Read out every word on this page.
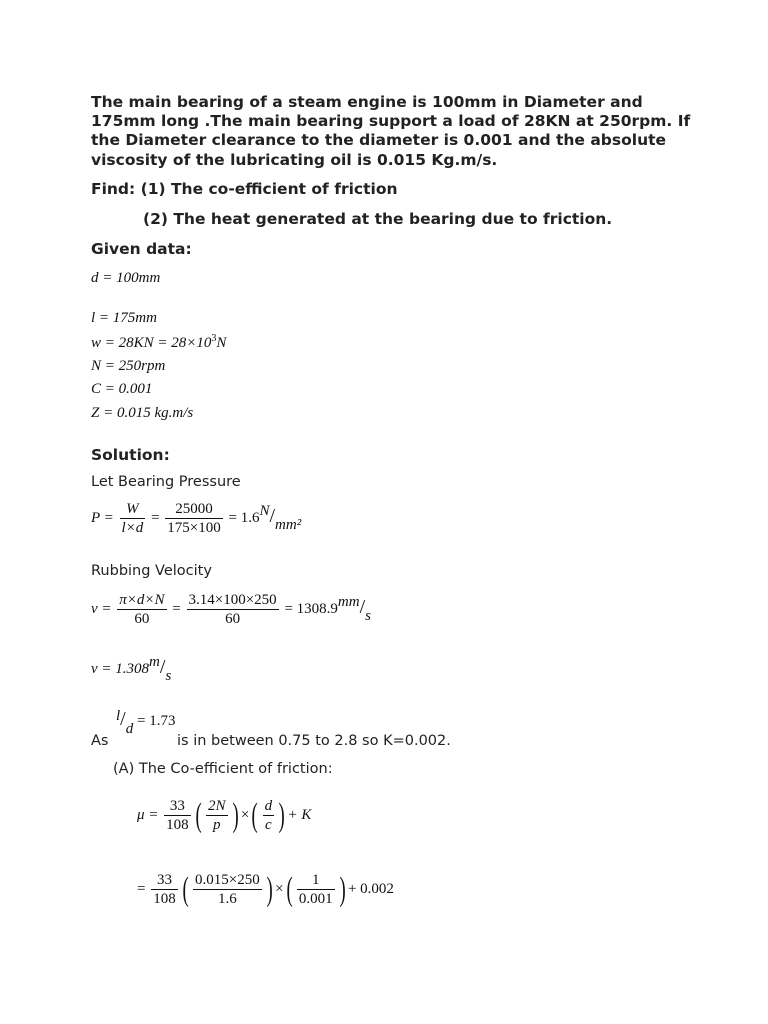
The main bearing of a steam engine is 100mm in Diameter and
175mm long .The main bearing support a load of 28KN at 250rpm. If
the Diameter clearance to the diameter is 0.001 and the absolute
viscosity of the lubricating oil is 0.015 Kg.m/s.
Find: (1) The co-efficient of friction
(2) The heat generated at the bearing due to friction.
Given data:
d = 100mm
l = 175mm
$w = 28KN = 28\times 10^3N$
N = 250rpm
C = 0.001
Z = 0.015 kg.m/s
Solution:
Let Bearing Pressure
$P = \frac{W}{l\times d} = \frac{25000}{175\times 100} = 1.6N/mm^2$
Rubbing Velocity
$v = \frac{\pi\times d\times N}{60} = \frac{3.14\times 100\times 250}{60} = 1308.9mm/s$
v = 1.308m/s
l/d = 1.73
As	is in between 0.75 to 2.8 so K=0.002.
(A) The Co-efficient of friction:
$\mu = \frac{33}{108}$ ( $\frac{2N}{p}$ ) ×( $\frac{d}{c}$ ) + K
= $\frac{33}{108}$ ( $\frac{0.015\times 250}{1.6}$ ) ×( $\frac{1}{0.001}$ ) + 0.002
